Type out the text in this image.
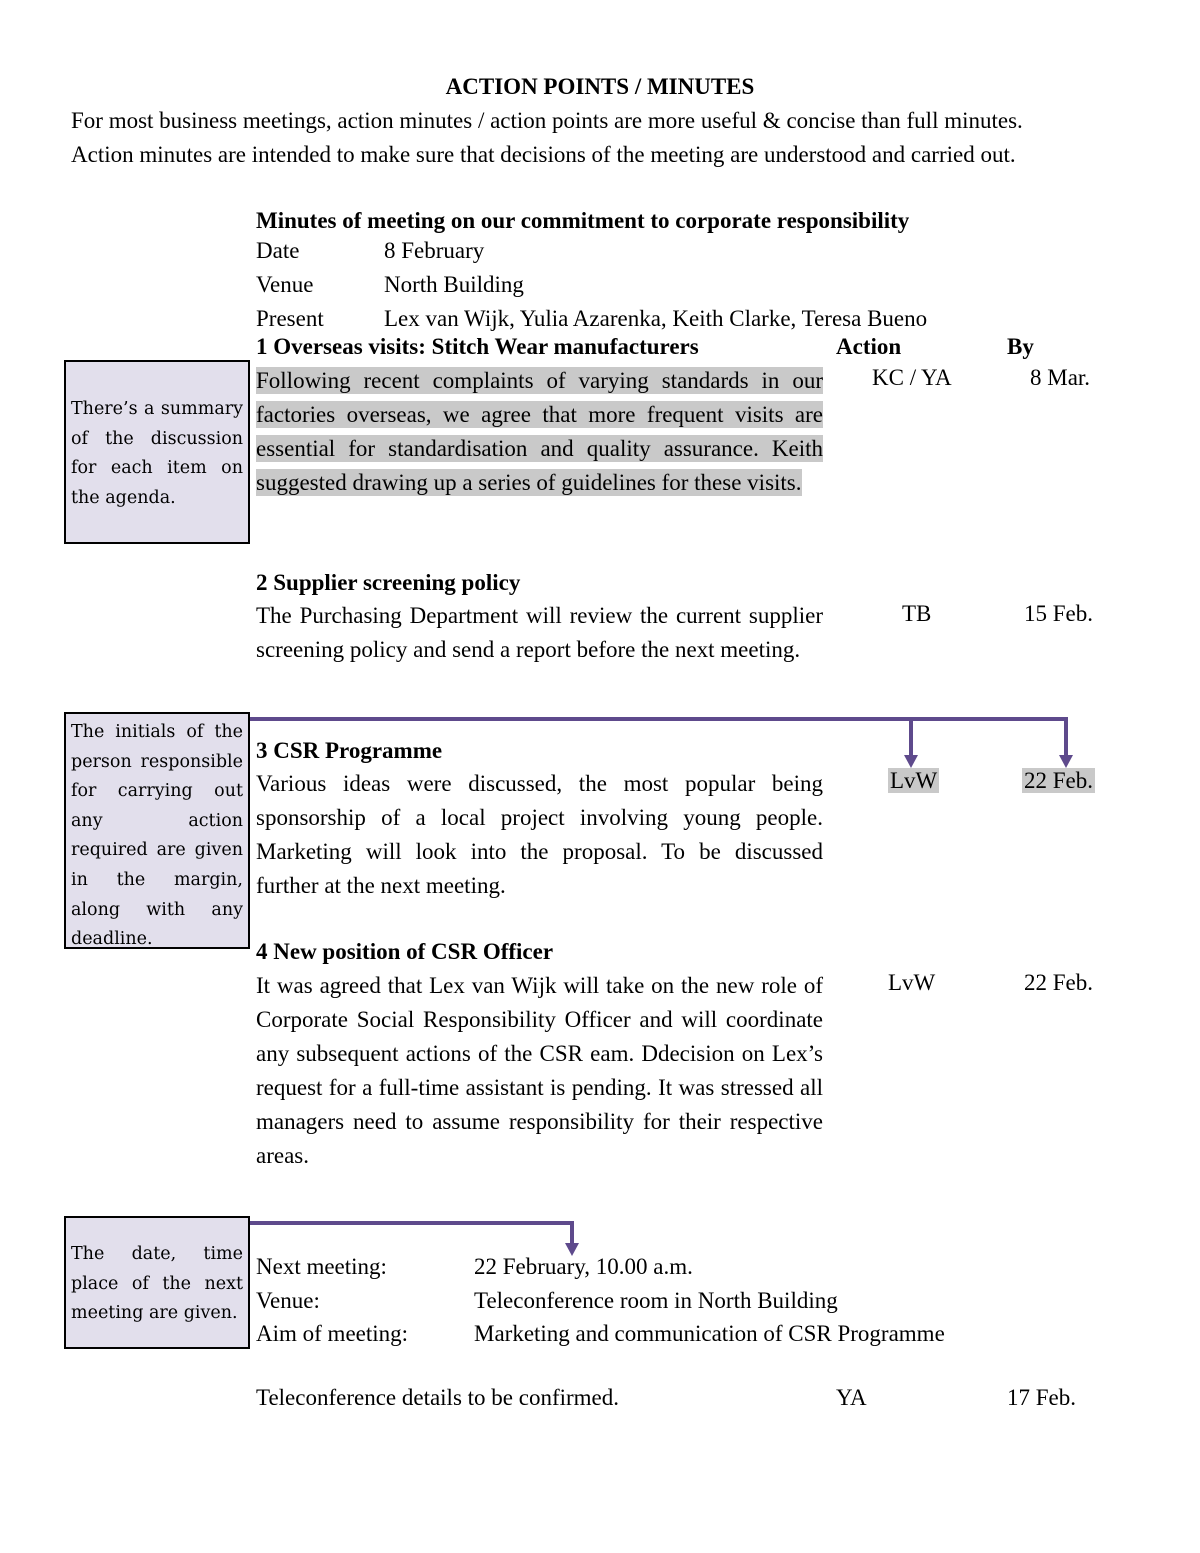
ACTION POINTS / MINUTES
For most business meetings, action minutes / action points are more useful & concise than full minutes.
Action minutes are intended to make sure that decisions of the meeting are understood and carried out.
Minutes of meeting on our commitment to corporate responsibility
Date	8 February
Venue	North Building
Present	Lex van Wijk, Yulia Azarenka, Keith Clarke, Teresa Bueno
1 Overseas visits: Stitch Wear manufacturers	Action	By
Following recent complaints of varying standards in our factories overseas, we agree that more frequent visits are essential for standardisation and quality assurance. Keith suggested drawing up a series of guidelines for these visits.
KC / YA	8 Mar.
2 Supplier screening policy
The Purchasing Department will review the current supplier screening policy and send a report before the next meeting.
TB	15 Feb.
3 CSR Programme
Various ideas were discussed, the most popular being sponsorship of a local project involving young people. Marketing will look into the proposal. To be discussed further at the next meeting.
LvW	22 Feb.
4 New position of CSR Officer
It was agreed that Lex van Wijk will take on the new role of Corporate Social Responsibility Officer and will coordinate any subsequent actions of the CSR eam. Ddecision on Lex’s request for a full-time assistant is pending. It was stressed all managers need to assume responsibility for their respective areas.
LvW	22 Feb.
Next meeting:	22 February, 10.00 a.m.
Venue:	Teleconference room in North Building
Aim of meeting:	Marketing and communication of CSR Programme
Teleconference details to be confirmed.	YA	17 Feb.
There’s a summary of the discussion for each item on the agenda.
The initials of the person responsible for carrying out any action required are given in the margin, along with any deadline.
The date, time place of the next meeting are given.
